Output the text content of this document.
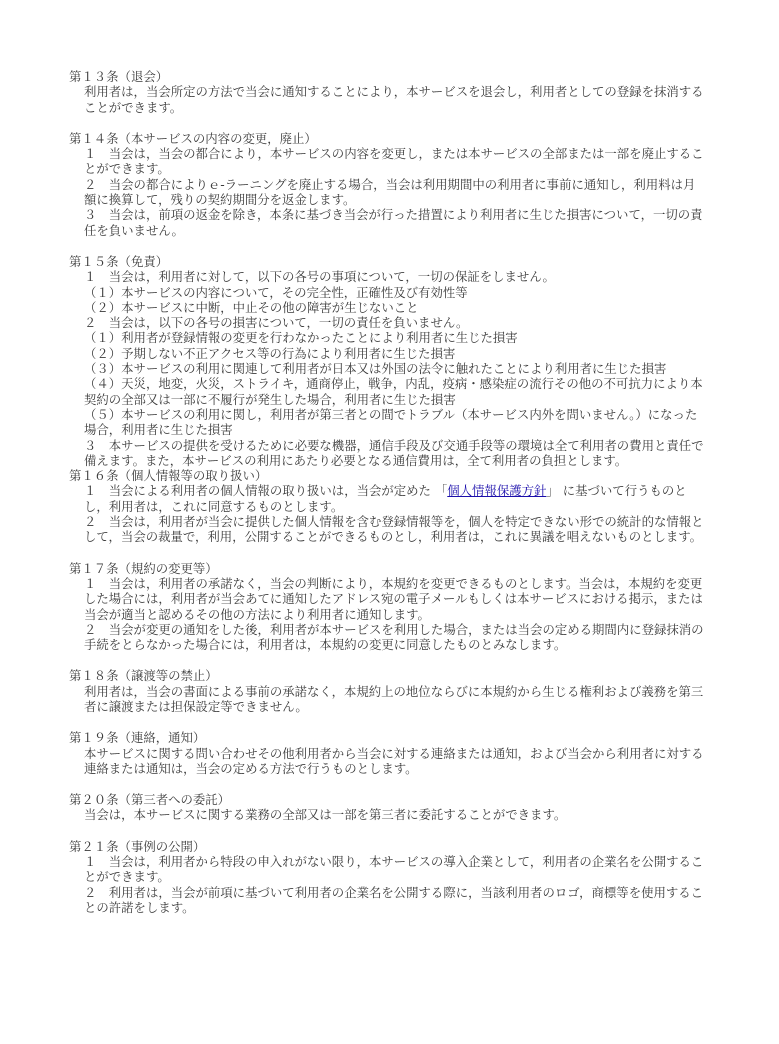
第１３条（退会）
利用者は，当会所定の方法で当会に通知することにより，本サービスを退会し，利用者としての登録を抹消することができます。
第１４条（本サービスの内容の変更，廃止）
１　当会は，当会の都合により，本サービスの内容を変更し，または本サービスの全部または一部を廃止することができます。
２　当会の都合によりｅ-ラーニングを廃止する場合，当会は利用期間中の利用者に事前に通知し，利用料は月額に換算して，残りの契約期間分を返金します。
３　当会は，前項の返金を除き，本条に基づき当会が行った措置により利用者に生じた損害について，一切の責任を負いません。
第１５条（免責）
１　当会は，利用者に対して，以下の各号の事項について，一切の保証をしません。
（１）本サービスの内容について，その完全性，正確性及び有効性等
（２）本サービスに中断，中止その他の障害が生じないこと
２　当会は，以下の各号の損害について，一切の責任を負いません。
（１）利用者が登録情報の変更を行わなかったことにより利用者に生じた損害
（２）予期しない不正アクセス等の行為により利用者に生じた損害
（３）本サービスの利用に関連して利用者が日本又は外国の法令に触れたことにより利用者に生じた損害
（４）天災，地変，火災，ストライキ，通商停止，戦争，内乱，疫病・感染症の流行その他の不可抗力により本契約の全部又は一部に不履行が発生した場合，利用者に生じた損害
（５）本サービスの利用に関し，利用者が第三者との間でトラブル（本サービス内外を問いません。）になった場合，利用者に生じた損害
３　本サービスの提供を受けるために必要な機器，通信手段及び交通手段等の環境は全て利用者の費用と責任で備えます。また，本サービスの利用にあたり必要となる通信費用は，全て利用者の負担とします。
第１６条（個人情報等の取り扱い）
１　当会による利用者の個人情報の取り扱いは，当会が定めた 「個人情報保護方針」 に基づいて行うものとし，利用者は，これに同意するものとします。
２　当会は，利用者が当会に提供した個人情報を含む登録情報等を，個人を特定できない形での統計的な情報として，当会の裁量で，利用，公開することができるものとし，利用者は，これに異議を唱えないものとします。
第１７条（規約の変更等）
１　当会は，利用者の承諾なく，当会の判断により，本規約を変更できるものとします。当会は，本規約を変更した場合には，利用者が当会あてに通知したアドレス宛の電子メールもしくは本サービスにおける掲示，または当会が適当と認めるその他の方法により利用者に通知します。
２　当会が変更の通知をした後，利用者が本サービスを利用した場合，または当会の定める期間内に登録抹消の手続をとらなかった場合には，利用者は，本規約の変更に同意したものとみなします。
第１８条（譲渡等の禁止）
利用者は，当会の書面による事前の承諾なく，本規約上の地位ならびに本規約から生じる権利および義務を第三者に譲渡または担保設定等できません。
第１９条（連絡，通知）
本サービスに関する問い合わせその他利用者から当会に対する連絡または通知，および当会から利用者に対する連絡または通知は，当会の定める方法で行うものとします。
第２０条（第三者への委託）
当会は，本サービスに関する業務の全部又は一部を第三者に委託することができます。
第２１条（事例の公開）
１　当会は，利用者から特段の申入れがない限り，本サービスの導入企業として，利用者の企業名を公開することができます。
２　利用者は，当会が前項に基づいて利用者の企業名を公開する際に，当該利用者のロゴ，商標等を使用することの許諾をします。
